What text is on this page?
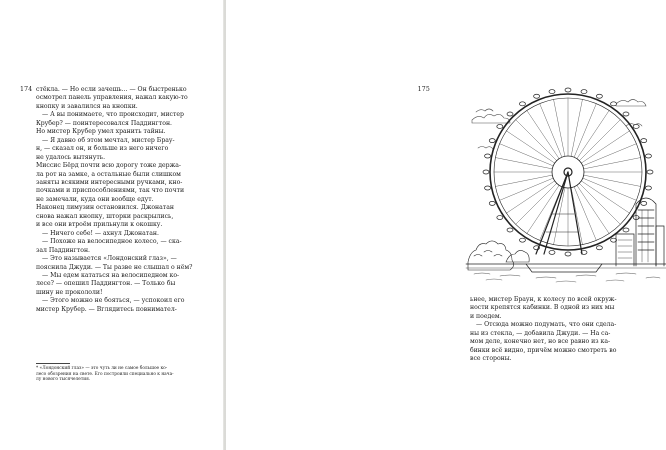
174 стёкла. — Но если зачешь... — Он быстренько
осмотрел панель управления, нажал какую-то
кнопку и завалился на кнопки.
— А вы понимаете, что происходит, мистер
Крубер? — поинтересовался Паддингтон.
Но мистер Крубер умел хранить тайны.
— Я давно об этом мечтал, мистер Брау-
н, — сказал он, и больше из него ничего
не удалось вытянуть.
Миссис Бёрд почти всю дорогу тоже держа-
ла рот на замке, а остальные были слишком
заняты всякими интересными ручками, кно-
почками и приспособлениями, так что почти
не замечали, куда они вообще едут.
Наконец лимузин остановился. Джонатан
снова нажал кнопку, шторки раскрылись,
и все они втроём прильнули к окошку.
— Ничего себе! — ахнул Джонатан.
— Похоже на велосипедное колесо, — ска-
зал Паддингтон.
— Это называется «Лондонский глаз», —
пояснила Джуди. — Ты разве не слышал о нём?
— Мы едем кататься на велосипедном ко-
лесе? — опешил Паддингтон. — Только бы
шину не прокололи!
— Этого можно не бояться, — успокоил его
мистер Крубер. — Вглядитесь повнимател-
* «Лондонский глаз» — это чуть ли не самое большое ко-
лесо обозрения на свете. Его построили специально к нача-
лу нового тысячелетия.
175
ьнее, мистер Браун, к колесу по всей окруж-
ности крепятся кабинки. В одной из них мы
и поедем.
— Отсюда можно подумать, что они сдела-
ны из стекла, — добавила Джуди. — На са-
мом деле, конечно нет, но все равно из ка-
бинки всё видно, причём можно смотреть во
все стороны.
